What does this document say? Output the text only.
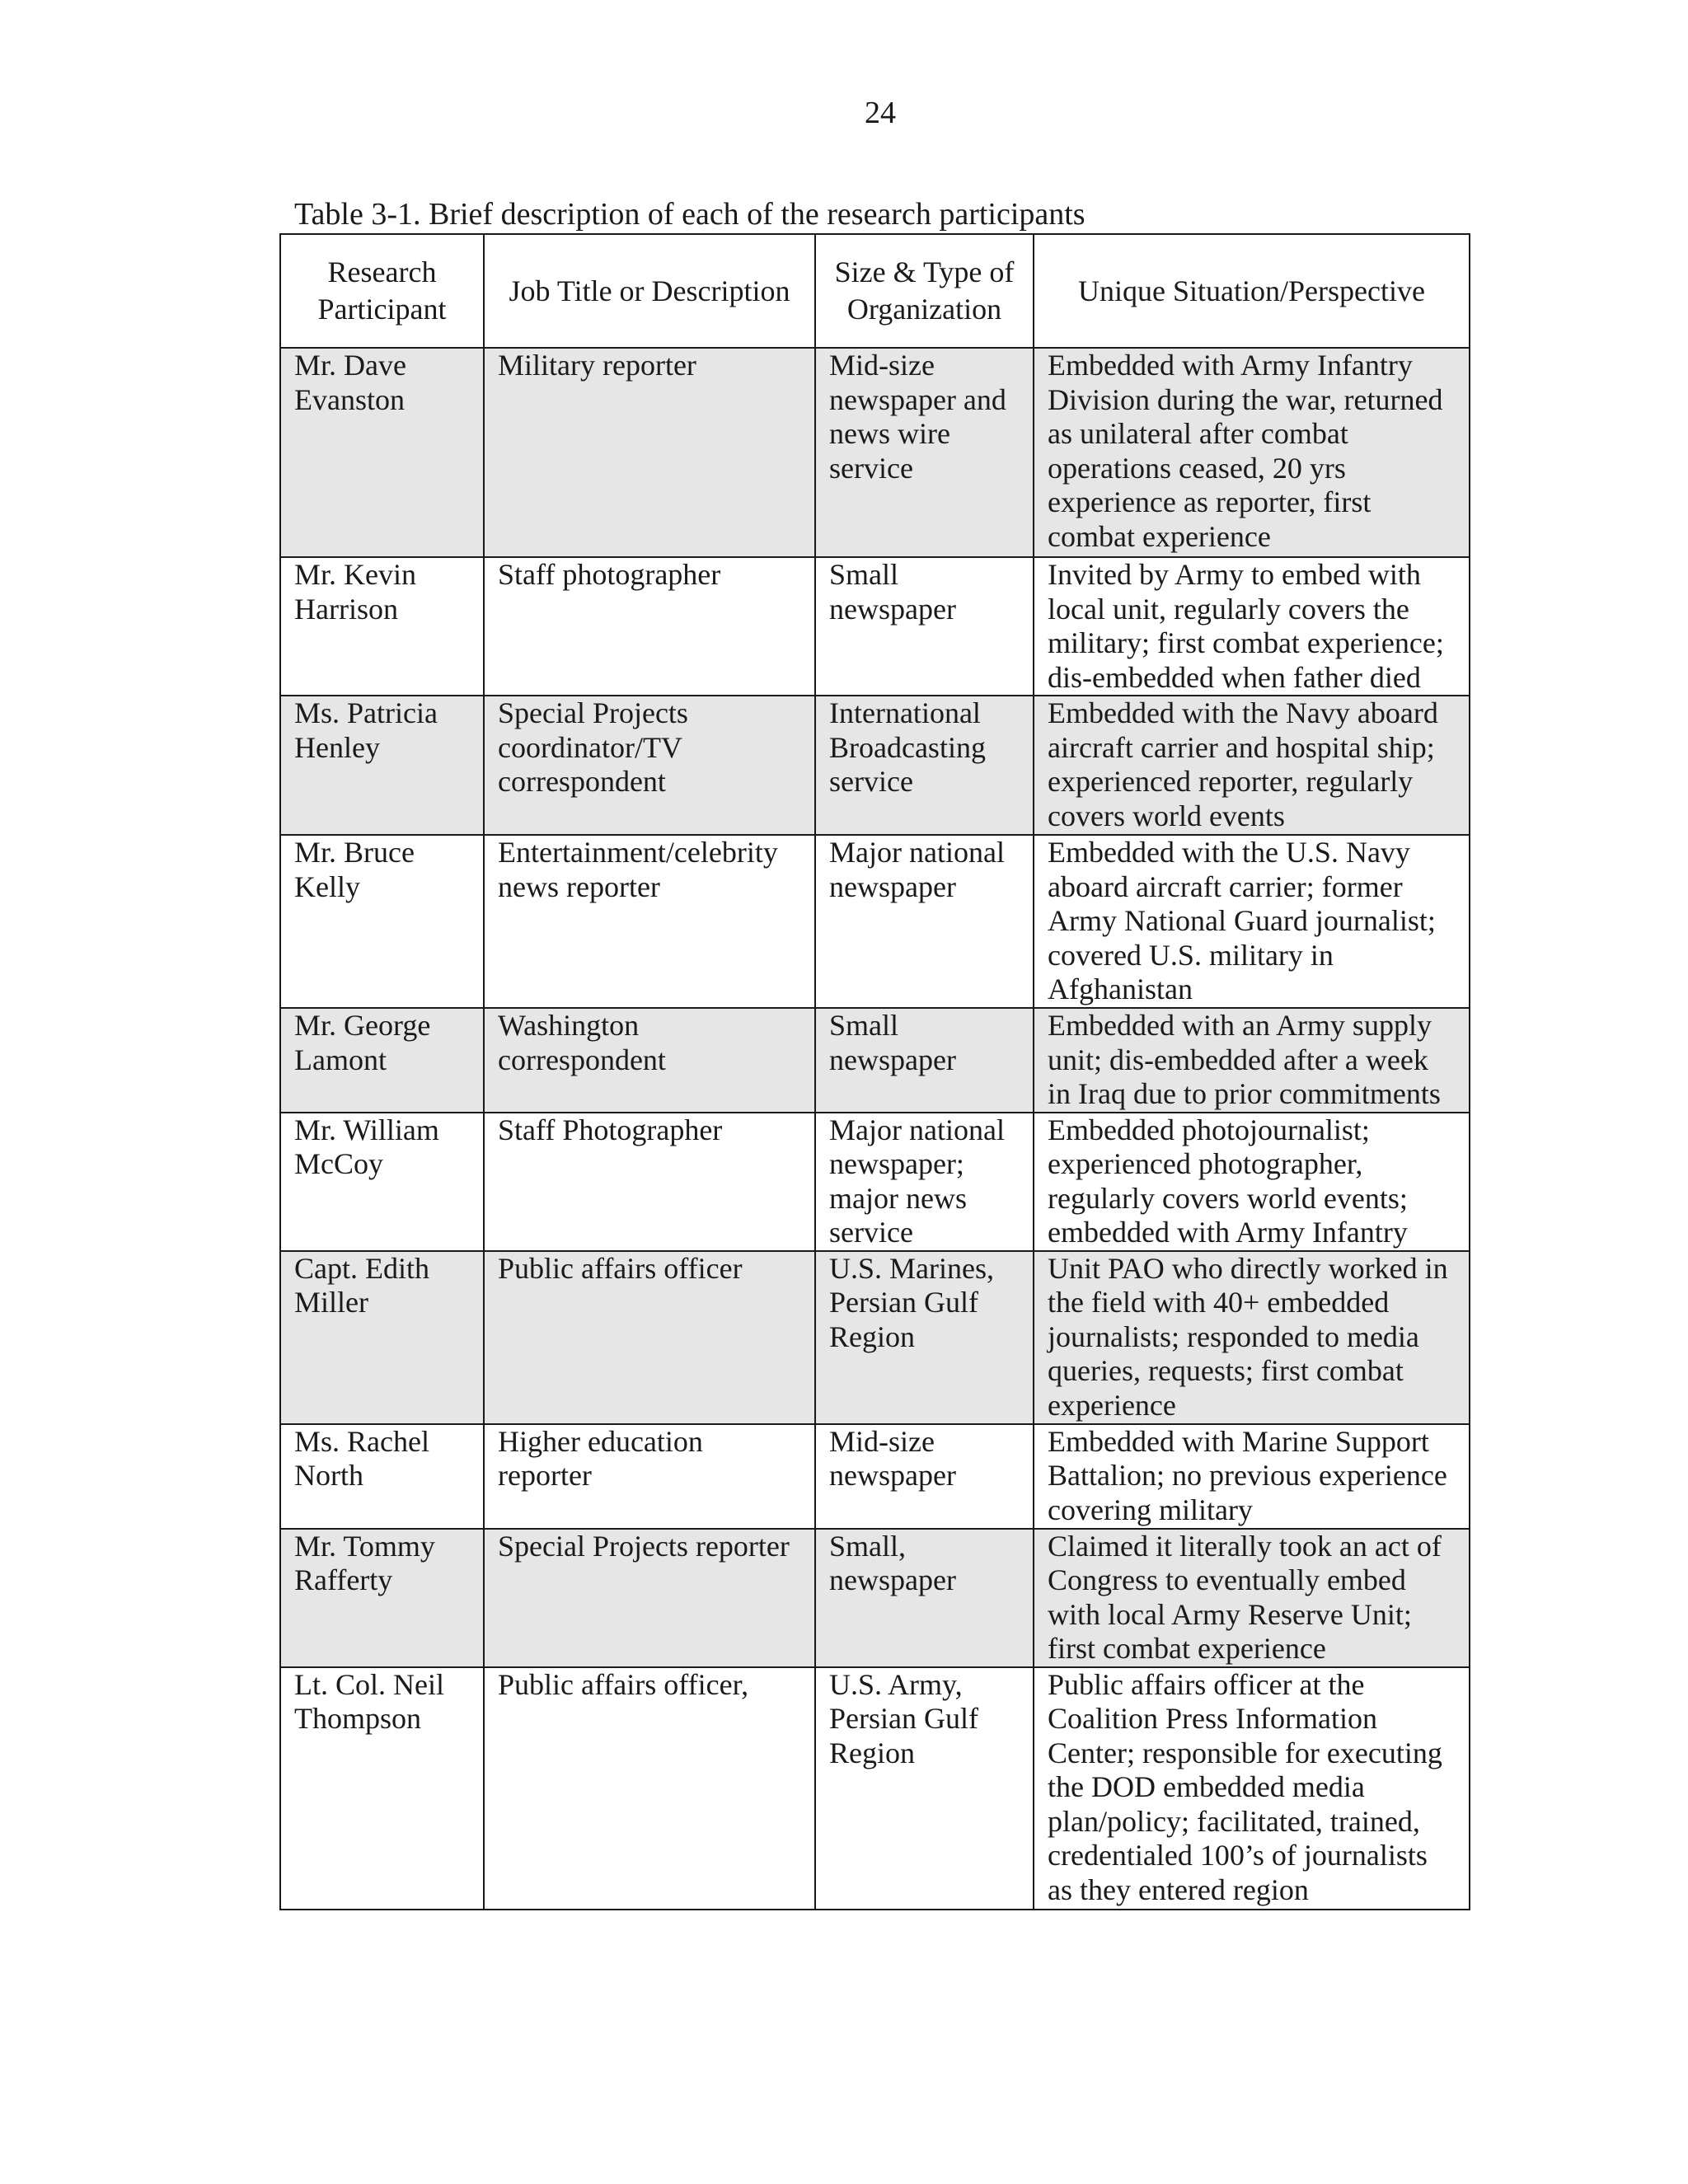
24
Table 3-1. Brief description of each of the research participants
Research Participant	Job Title or Description	Size & Type of Organization	Unique Situation/Perspective
Mr. Dave Evanston	Military reporter	Mid-size newspaper and news wire service	Embedded with Army Infantry Division during the war, returned as unilateral after combat operations ceased, 20 yrs experience as reporter, first combat experience
Mr. Kevin Harrison	Staff photographer	Small newspaper	Invited by Army to embed with local unit, regularly covers the military; first combat experience; dis-embedded when father died
Ms. Patricia Henley	Special Projects coordinator/TV correspondent	International Broadcasting service	Embedded with the Navy aboard aircraft carrier and hospital ship; experienced reporter, regularly covers world events
Mr. Bruce Kelly	Entertainment/celebrity news reporter	Major national newspaper	Embedded with the U.S. Navy aboard aircraft carrier; former Army National Guard journalist; covered U.S. military in Afghanistan
Mr. George Lamont	Washington correspondent	Small newspaper	Embedded with an Army supply unit; dis-embedded after a week in Iraq due to prior commitments
Mr. William McCoy	Staff Photographer	Major national newspaper; major news service	Embedded photojournalist; experienced photographer, regularly covers world events; embedded with Army Infantry
Capt. Edith Miller	Public affairs officer	U.S. Marines, Persian Gulf Region	Unit PAO who directly worked in the field with 40+ embedded journalists; responded to media queries, requests; first combat experience
Ms. Rachel North	Higher education reporter	Mid-size newspaper	Embedded with Marine Support Battalion; no previous experience covering military
Mr. Tommy Rafferty	Special Projects reporter	Small, newspaper	Claimed it literally took an act of Congress to eventually embed with local Army Reserve Unit; first combat experience
Lt. Col. Neil Thompson	Public affairs officer,	U.S. Army, Persian Gulf Region	Public affairs officer at the Coalition Press Information Center; responsible for executing the DOD embedded media plan/policy; facilitated, trained, credentialed 100’s of journalists as they entered region
